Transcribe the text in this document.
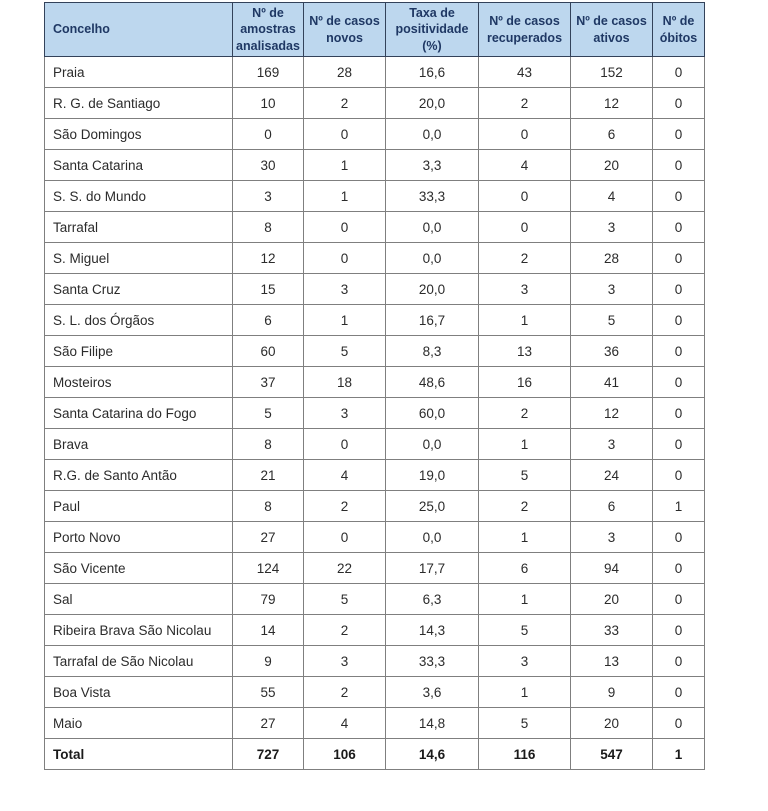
Concelho	Nº de amostras analisadas	Nº de casos novos	Taxa de positividade (%)	Nº de casos recuperados	Nº de casos ativos	Nº de óbitos
Praia	169	28	16,6	43	152	0
R. G. de Santiago	10	2	20,0	2	12	0
São Domingos	0	0	0,0	0	6	0
Santa Catarina	30	1	3,3	4	20	0
S. S. do Mundo	3	1	33,3	0	4	0
Tarrafal	8	0	0,0	0	3	0
S. Miguel	12	0	0,0	2	28	0
Santa Cruz	15	3	20,0	3	3	0
S. L. dos Órgãos	6	1	16,7	1	5	0
São Filipe	60	5	8,3	13	36	0
Mosteiros	37	18	48,6	16	41	0
Santa Catarina do Fogo	5	3	60,0	2	12	0
Brava	8	0	0,0	1	3	0
R.G. de Santo Antão	21	4	19,0	5	24	0
Paul	8	2	25,0	2	6	1
Porto Novo	27	0	0,0	1	3	0
São Vicente	124	22	17,7	6	94	0
Sal	79	5	6,3	1	20	0
Ribeira Brava São Nicolau	14	2	14,3	5	33	0
Tarrafal de São Nicolau	9	3	33,3	3	13	0
Boa Vista	55	2	3,6	1	9	0
Maio	27	4	14,8	5	20	0
Total	727	106	14,6	116	547	1
